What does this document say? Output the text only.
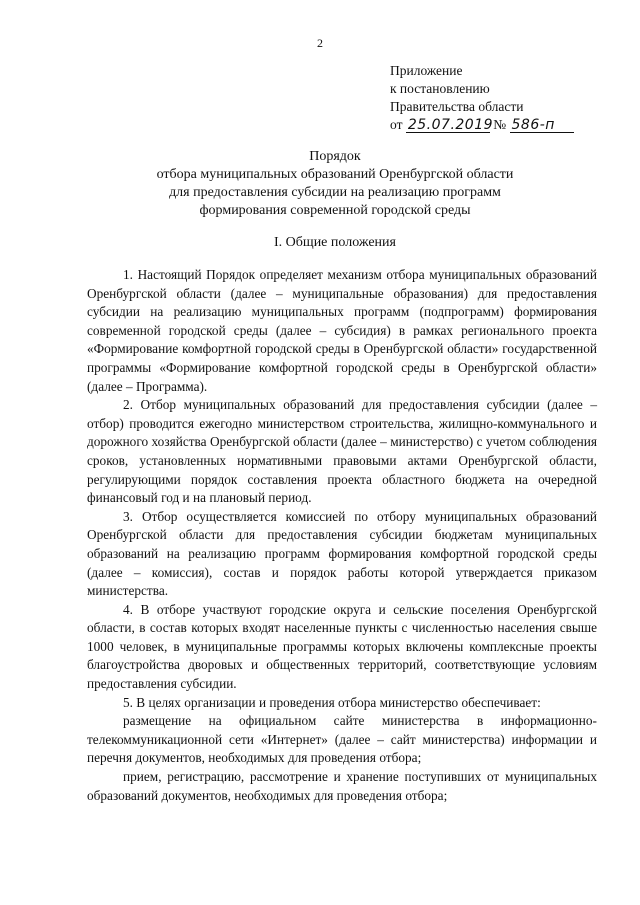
2
Приложение
к постановлению
Правительства области
от 25.07.2019 № 586-п
Порядок
отбора муниципальных образований Оренбургской области
для предоставления субсидии на реализацию программ
формирования современной городской среды
I. Общие положения

1. Настоящий Порядок определяет механизм отбора муниципальных образований Оренбургской области (далее – муниципальные образования) для предоставления субсидии на реализацию муниципальных программ (подпрограмм) формирования современной городской среды (далее – субсидия) в рамках регионального проекта «Формирование комфортной городской среды в Оренбургской области» государственной программы «Формирование комфортной городской среды в Оренбургской области» (далее – Программа).

2. Отбор муниципальных образований для предоставления субсидии (далее – отбор) проводится ежегодно министерством строительства, жилищно-коммунального и дорожного хозяйства Оренбургской области (далее – министерство) с учетом соблюдения сроков, установленных нормативными правовыми актами Оренбургской области, регулирующими порядок составления проекта областного бюджета на очередной финансовый год и на плановый период.

3. Отбор осуществляется комиссией по отбору муниципальных образований Оренбургской области для предоставления субсидии бюджетам муниципальных образований на реализацию программ формирования комфортной городской среды (далее – комиссия), состав и порядок работы которой утверждается приказом министерства.

4. В отборе участвуют городские округа и сельские поселения Оренбургской области, в состав которых входят населенные пункты с численностью населения свыше 1000 человек, в муниципальные программы которых включены комплексные проекты благоустройства дворовых и общественных территорий, соответствующие условиям предоставления субсидии.

5. В целях организации и проведения отбора министерство обеспечивает:

размещение на официальном сайте министерства в информационно-телекоммуникационной сети «Интернет» (далее – сайт министерства) информации и перечня документов, необходимых для проведения отбора;

прием, регистрацию, рассмотрение и хранение поступивших от муниципальных образований документов, необходимых для проведения отбора;
